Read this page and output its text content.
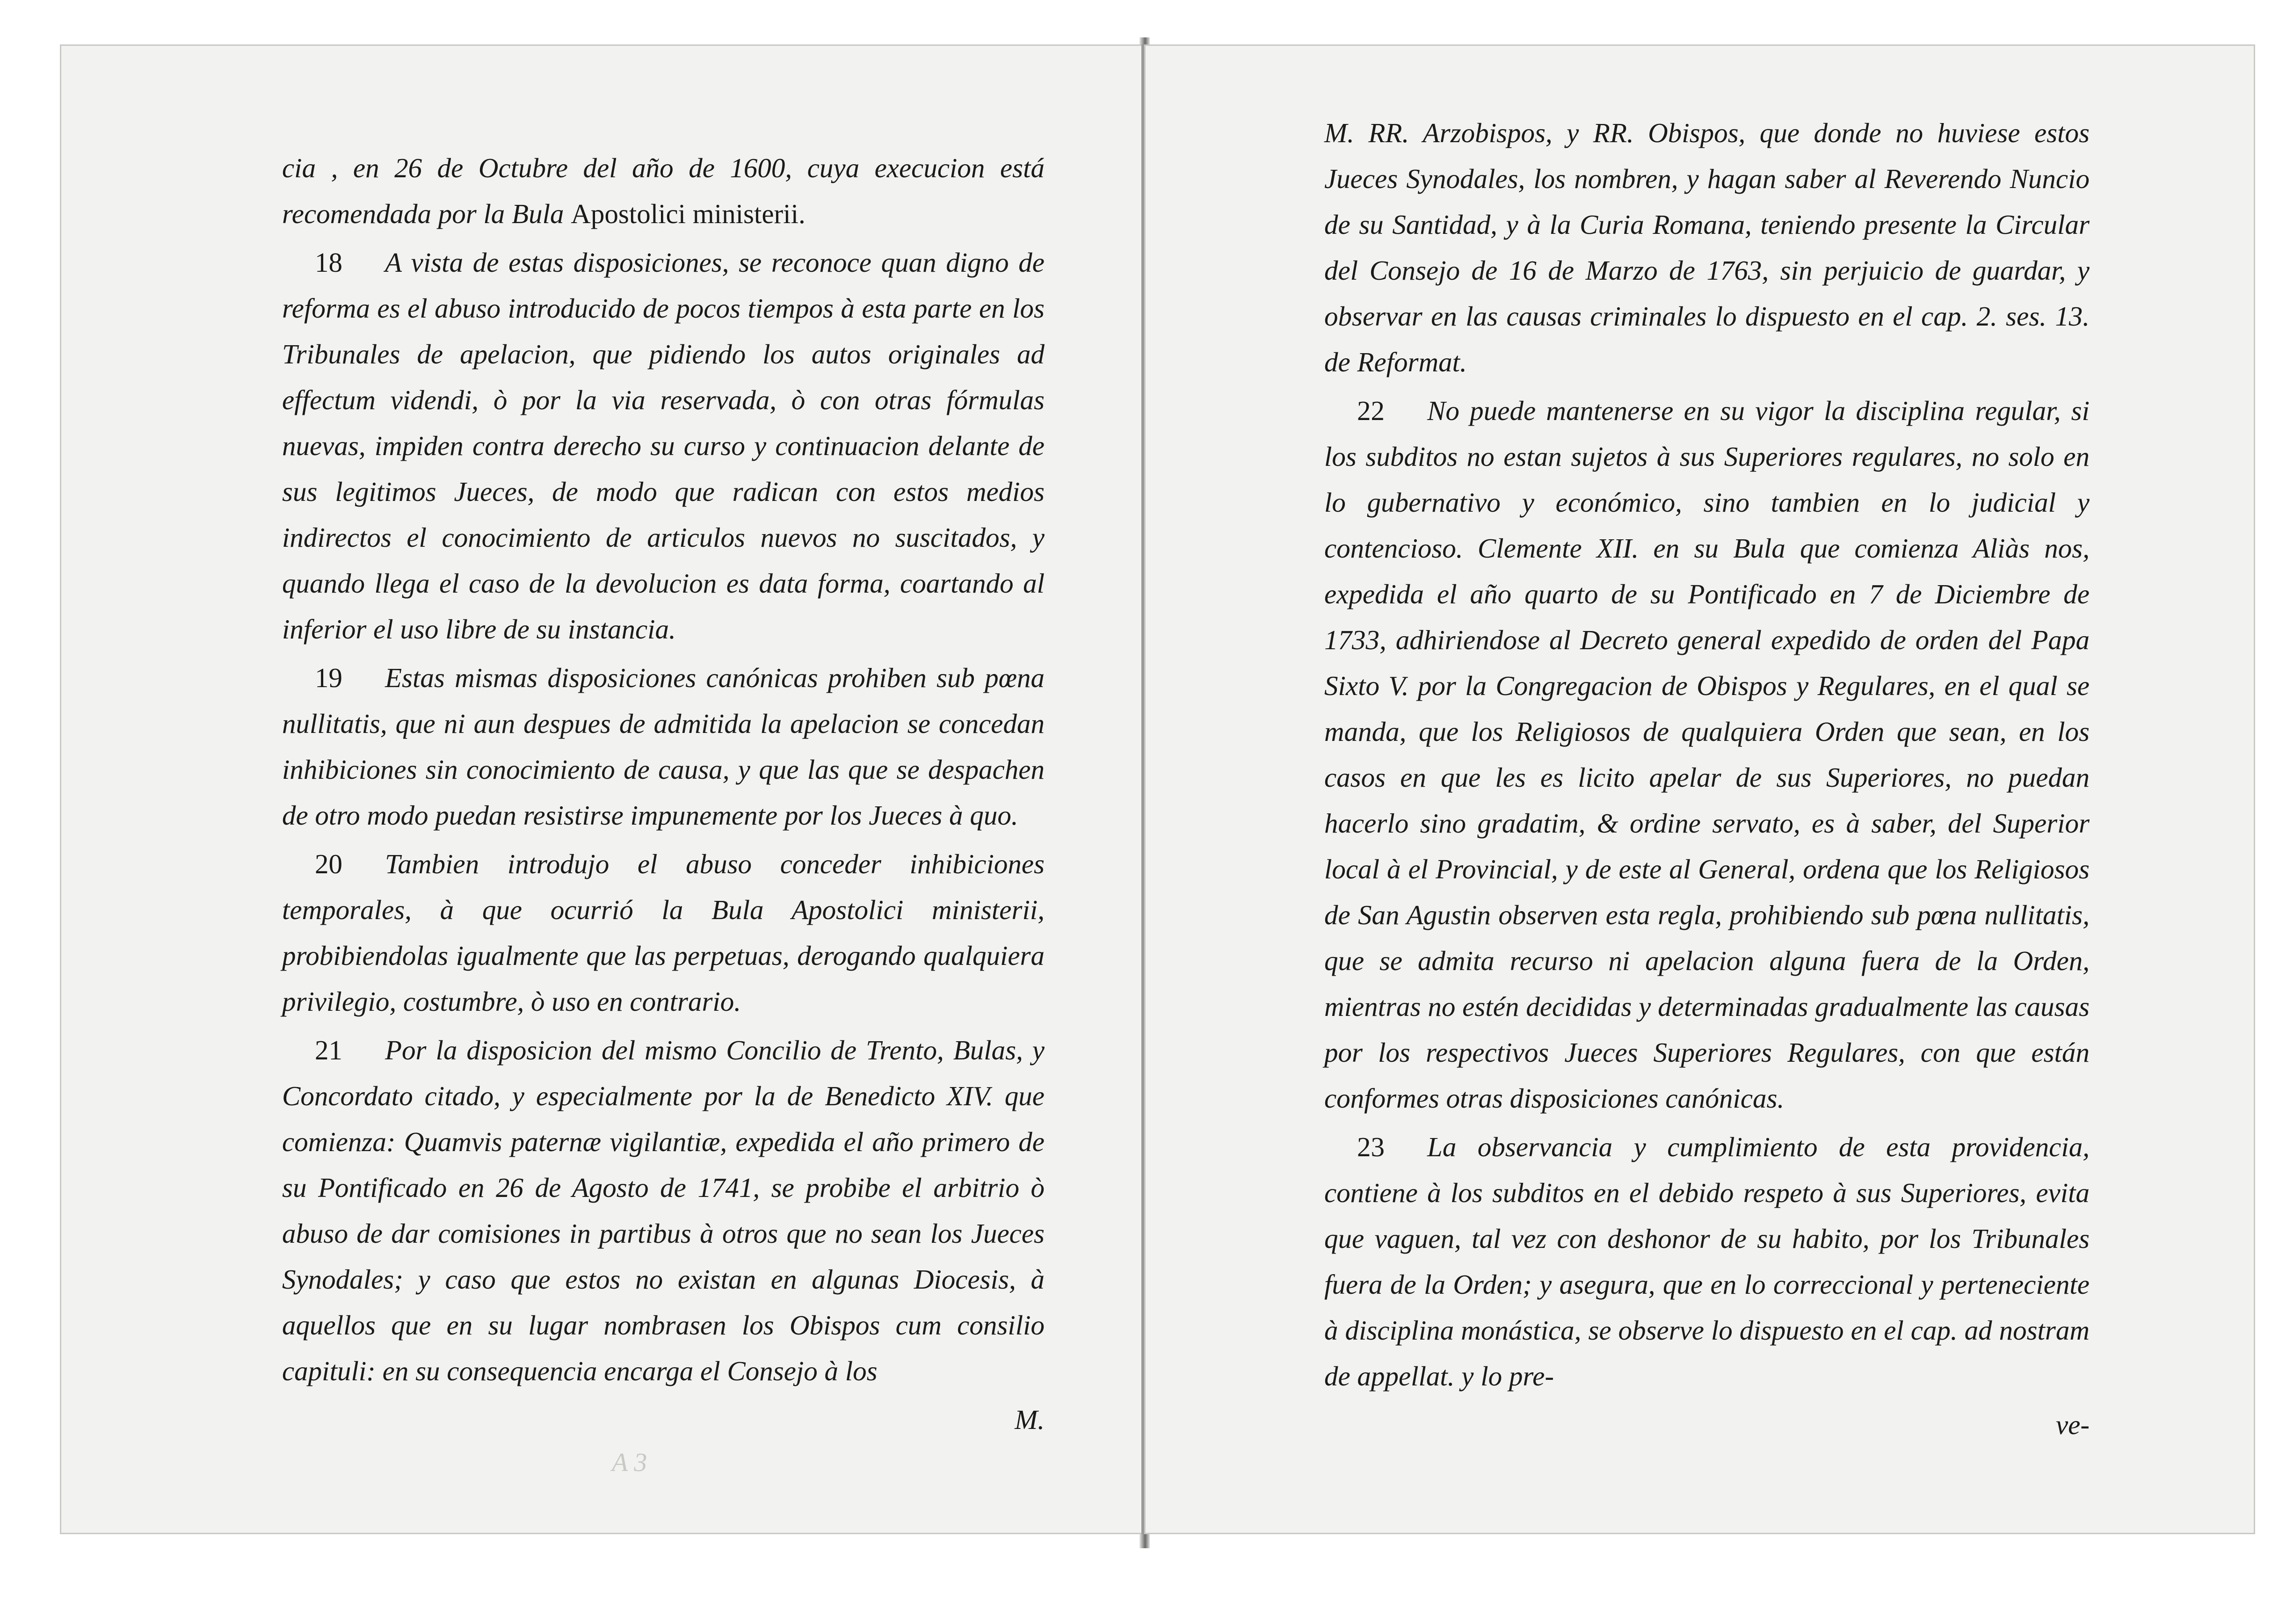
cia , en 26 de Octubre del año de 1600, cuya execucion está recomendada por la Bula Apostolici ministerii.

18 A vista de estas disposiciones, se reconoce quan digno de reforma es el abuso introducido de pocos tiempos à esta parte en los Tribunales de apelacion, que pidiendo los autos originales ad effectum videndi, ò por la via reservada, ò con otras fórmulas nuevas, impiden contra derecho su curso y continuacion delante de sus legitimos Jueces, de modo que radican con estos medios indirectos el conocimiento de articulos nuevos no suscitados, y quando llega el caso de la devolucion es data forma, coartando al inferior el uso libre de su instancia.

19 Estas mismas disposiciones canónicas prohiben sub pœna nullitatis, que ni aun despues de admitida la apelacion se concedan inhibiciones sin conocimiento de causa, y que las que se despachen de otro modo puedan resistirse impunemente por los Jueces à quo.

20 Tambien introdujo el abuso conceder inhibiciones temporales, à que ocurrió la Bula Apostolici ministerii, probibiendolas igualmente que las perpetuas, derogando qualquiera privilegio, costumbre, ò uso en contrario.

21 Por la disposicion del mismo Concilio de Trento, Bulas, y Concordato citado, y especialmente por la de Benedicto XIV. que comienza: Quamvis paternæ vigilantiæ, expedida el año primero de su Pontificado en 26 de Agosto de 1741, se probibe el arbitrio ò abuso de dar comisiones in partibus à otros que no sean los Jueces Synodales; y caso que estos no existan en algunas Diocesis, à aquellos que en su lugar nombrasen los Obispos cum consilio capituli: en su consequencia encarga el Consejo à los

M.

A 3

M. RR. Arzobispos, y RR. Obispos, que donde no huviese estos Jueces Synodales, los nombren, y hagan saber al Reverendo Nuncio de su Santidad, y à la Curia Romana, teniendo presente la Circular del Consejo de 16 de Marzo de 1763, sin perjuicio de guardar, y observar en las causas criminales lo dispuesto en el cap. 2. ses. 13. de Reformat.

22 No puede mantenerse en su vigor la disciplina regular, si los subditos no estan sujetos à sus Superiores regulares, no solo en lo gubernativo y económico, sino tambien en lo judicial y contencioso. Clemente XII. en su Bula que comienza Aliàs nos, expedida el año quarto de su Pontificado en 7 de Diciembre de 1733, adhiriendose al Decreto general expedido de orden del Papa Sixto V. por la Congregacion de Obispos y Regulares, en el qual se manda, que los Religiosos de qualquiera Orden que sean, en los casos en que les es licito apelar de sus Superiores, no puedan hacerlo sino gradatim, & ordine servato, es à saber, del Superior local à el Provincial, y de este al General, ordena que los Religiosos de San Agustin observen esta regla, prohibiendo sub pœna nullitatis, que se admita recurso ni apelacion alguna fuera de la Orden, mientras no estén decididas y determinadas gradualmente las causas por los respectivos Jueces Superiores Regulares, con que están conformes otras disposiciones canónicas.

23 La observancia y cumplimiento de esta providencia, contiene à los subditos en el debido respeto à sus Superiores, evita que vaguen, tal vez con deshonor de su habito, por los Tribunales fuera de la Orden; y asegura, que en lo correccional y perteneciente à disciplina monástica, se observe lo dispuesto en el cap. ad nostram de appellat. y lo pre-

ve-
